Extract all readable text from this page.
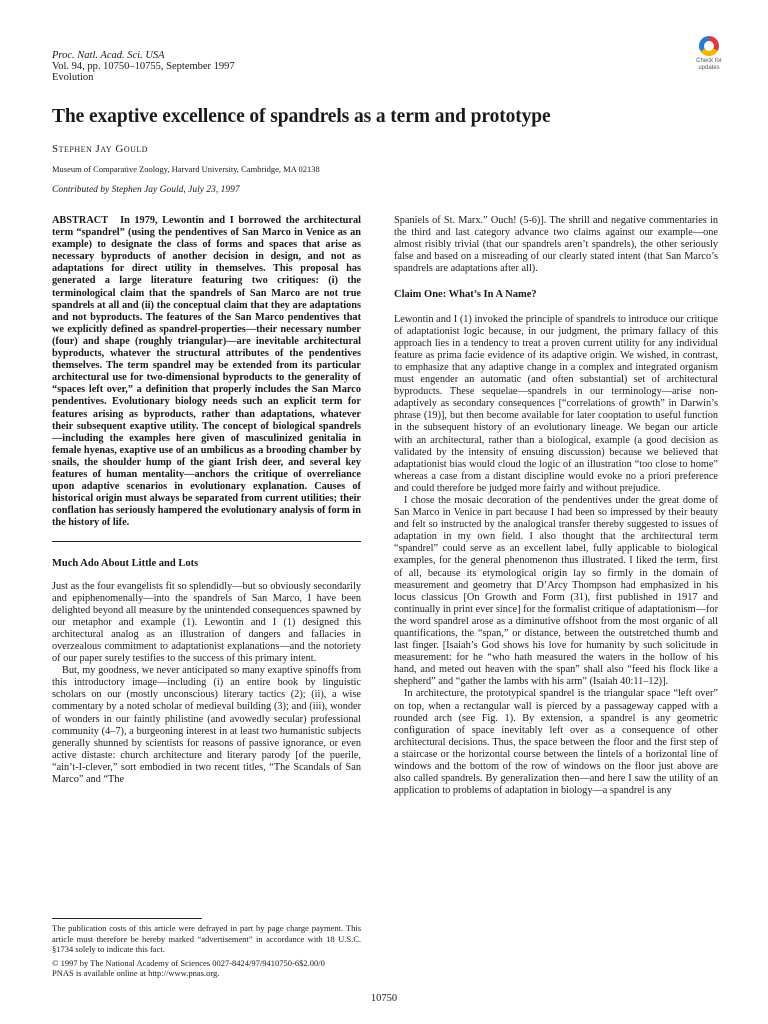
Proc. Natl. Acad. Sci. USA
Vol. 94, pp. 10750–10755, September 1997
Evolution
Check for
updates
The exaptive excellence of spandrels as a term and prototype
Stephen Jay Gould
Museum of Comparative Zoology, Harvard University, Cambridge, MA 02138
Contributed by Stephen Jay Gould, July 23, 1997

ABSTRACT In 1979, Lewontin and I borrowed the architectural term “spandrel” (using the pendentives of San Marco in Venice as an example) to designate the class of forms and spaces that arise as necessary byproducts of another decision in design, and not as adaptations for direct utility in themselves. This proposal has generated a large literature featuring two critiques: (i) the terminological claim that the spandrels of San Marco are not true spandrels at all and (ii) the conceptual claim that they are adaptations and not byproducts. The features of the San Marco pendentives that we explicitly defined as spandrel-properties—their necessary number (four) and shape (roughly triangular)—are inevitable architectural byproducts, whatever the structural attributes of the pendentives themselves. The term spandrel may be extended from its particular architectural use for two-dimensional byproducts to the generality of “spaces left over,” a definition that properly includes the San Marco pendentives. Evolutionary biology needs such an explicit term for features arising as byproducts, rather than adaptations, whatever their subsequent exaptive utility. The concept of biological spandrels—including the examples here given of masculinized genitalia in female hyenas, exaptive use of an umbilicus as a brooding chamber by snails, the shoulder hump of the giant Irish deer, and several key features of human mentality—anchors the critique of overreliance upon adaptive scenarios in evolutionary explanation. Causes of historical origin must always be separated from current utilities; their conflation has seriously hampered the evolutionary analysis of form in the history of life.

Much Ado About Little and Lots

Just as the four evangelists fit so splendidly—but so obviously secondarily and epiphenomenally—into the spandrels of San Marco, I have been delighted beyond all measure by the unintended consequences spawned by our metaphor and example (1). Lewontin and I (1) designed this architectural analog as an illustration of dangers and fallacies in overzealous commitment to adaptationist explanations—and the notoriety of our paper surely testifies to the success of this primary intent.

But, my goodness, we never anticipated so many exaptive spinoffs from this introductory image—including (i) an entire book by linguistic scholars on our (mostly unconscious) literary tactics (2); (ii), a wise commentary by a noted scholar of medieval building (3); and (iii), wonder of wonders in our faintly philistine (and avowedly secular) professional community (4–7), a burgeoning interest in at least two humanistic subjects generally shunned by scientists for reasons of passive ignorance, or even active distaste: church architecture and literary parody [of the puerile, “ain’t-I-clever,” sort embodied in two recent titles, “The Scandals of San Marco” and “The

Spaniels of St. Marx.” Ouch! (5-6)]. The shrill and negative commentaries in the third and last category advance two claims against our example—one almost risibly trivial (that our spandrels aren’t spandrels), the other seriously false and based on a misreading of our clearly stated intent (that San Marco’s spandrels are adaptations after all).

Claim One: What’s In A Name?

Lewontin and I (1) invoked the principle of spandrels to introduce our critique of adaptationist logic because, in our judgment, the primary fallacy of this approach lies in a tendency to treat a proven current utility for any individual feature as prima facie evidence of its adaptive origin. We wished, in contrast, to emphasize that any adaptive change in a complex and integrated organism must engender an automatic (and often substantial) set of architectural byproducts. These sequelae—spandrels in our terminology—arise non-adaptively as secondary consequences [“correlations of growth” in Darwin’s phrase (19)], but then become available for later cooptation to useful function in the subsequent history of an evolutionary lineage. We began our article with an architectural, rather than a biological, example (a good decision as validated by the intensity of ensuing discussion) because we believed that adaptationist bias would cloud the logic of an illustration “too close to home” whereas a case from a distant discipline would evoke no a priori preference and could therefore be judged more fairly and without prejudice.

I chose the mosaic decoration of the pendentives under the great dome of San Marco in Venice in part because I had been so impressed by their beauty and felt so instructed by the analogical transfer thereby suggested to issues of adaptation in my own field. I also thought that the architectural term “spandrel” could serve as an excellent label, fully applicable to biological examples, for the general phenomenon thus illustrated. I liked the term, first of all, because its etymological origin lay so firmly in the domain of measurement and geometry that D’Arcy Thompson had emphasized in his locus classicus [On Growth and Form (31), first published in 1917 and continually in print ever since] for the formalist critique of adaptationism—for the word spandrel arose as a diminutive offshoot from the most organic of all quantifications, the “span,” or distance, between the outstretched thumb and last finger. [Isaiah’s God shows his love for humanity by such solicitude in measurement: for he “who hath measured the waters in the hollow of his hand, and meted out heaven with the span” shall also “feed his flock like a shepherd” and “gather the lambs with his arm” (Isaiah 40:11–12)].

In architecture, the prototypical spandrel is the triangular space “left over” on top, when a rectangular wall is pierced by a passageway capped with a rounded arch (see Fig. 1). By extension, a spandrel is any geometric configuration of space inevitably left over as a consequence of other architectural decisions. Thus, the space between the floor and the first step of a staircase or the horizontal course between the lintels of a horizontal line of windows and the bottom of the row of windows on the floor just above are also called spandrels. By generalization then—and here I saw the utility of an application to problems of adaptation in biology—a spandrel is any

The publication costs of this article were defrayed in part by page charge payment. This article must therefore be hereby marked “advertisement” in accordance with 18 U.S.C. §1734 solely to indicate this fact.

© 1997 by The National Academy of Sciences 0027-8424/97/9410750-6$2.00/0

PNAS is available online at http://www.pnas.org.

10750
